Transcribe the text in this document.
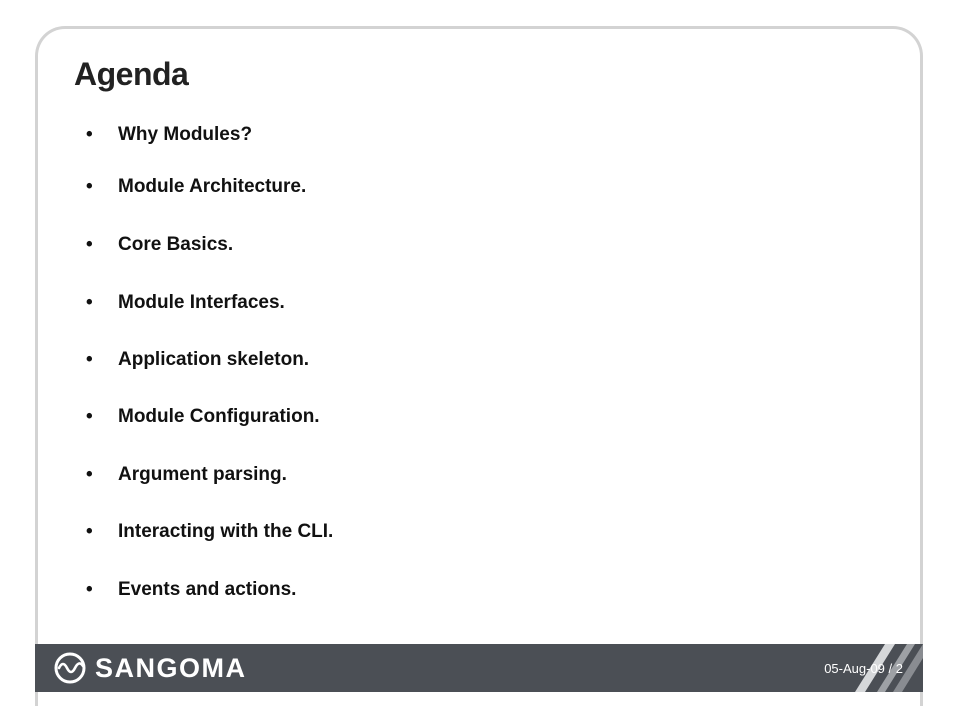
Agenda
• Why Modules?
• Module Architecture.
• Core Basics.
• Module Interfaces.
• Application skeleton.
• Module Configuration.
• Argument parsing.
• Interacting with the CLI.
• Events and actions.
SANGOMA	05-Aug-09 / 2
